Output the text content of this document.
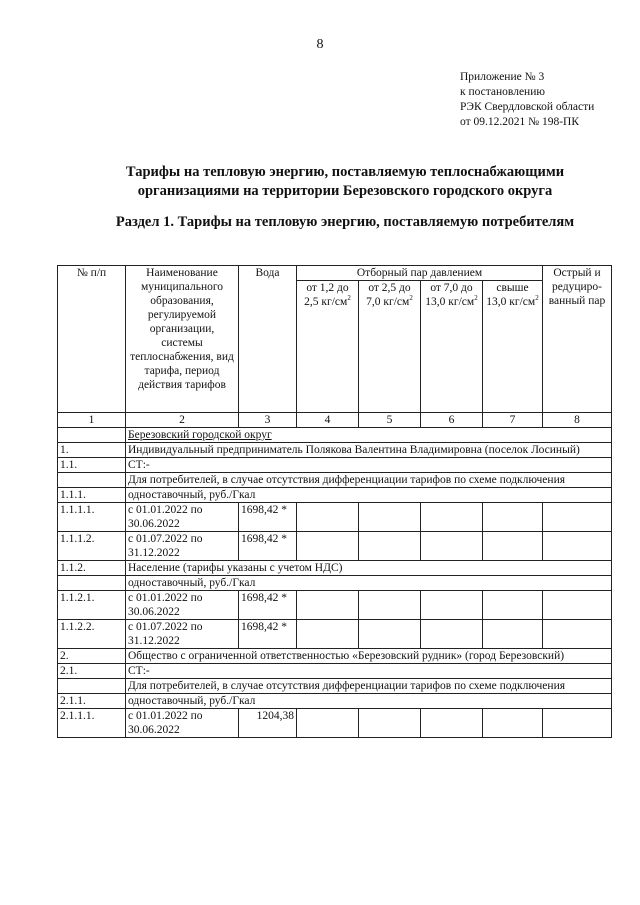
8
Приложение № 3
к постановлению
РЭК Свердловской области
от 09.12.2021 № 198-ПК
Тарифы на тепловую энергию, поставляемую теплоснабжающими
организациями на территории Березовского городского округа
Раздел 1. Тарифы на тепловую энергию, поставляемую потребителям
№ п/п	Наименование муниципального образования, регулируемой организации, системы теплоснабжения, вид тарифа, период действия тарифов	Вода	Отборный пар давлением				Острый и редуциро-ванный пар
			от 1,2 до 2,5 $кг/см^2$	от 2,5 до 7,0 $кг/см^2$	от 7,0 до 13,0 $кг/см^2$	свыше 13,0 $кг/см^2$
1	2	3	4	5	6	7	8
	Березовский городской округ						
1.	Индивидуальный предприниматель Полякова Валентина Владимировна (поселок Лосиный)						
1.1.	СТ:-						
	Для потребителей, в случае отсутствия дифференциации тарифов по схеме подключения						
1.1.1.	одноставочный, руб./Гкал						
1.1.1.1.	с 01.01.2022 по 30.06.2022	1698,42 *					
1.1.1.2.	с 01.07.2022 по 31.12.2022	1698,42 *					
1.1.2.	Население (тарифы указаны с учетом НДС)						
	одноставочный, руб./Гкал						
1.1.2.1.	с 01.01.2022 по 30.06.2022	1698,42 *					
1.1.2.2.	с 01.07.2022 по 31.12.2022	1698,42 *					
2.	Общество с ограниченной ответственностью «Березовский рудник» (город Березовский)						
2.1.	СТ:-						
	Для потребителей, в случае отсутствия дифференциации тарифов по схеме подключения						
2.1.1.	одноставочный, руб./Гкал						
2.1.1.1.	с 01.01.2022 по 30.06.2022	1204,38					
